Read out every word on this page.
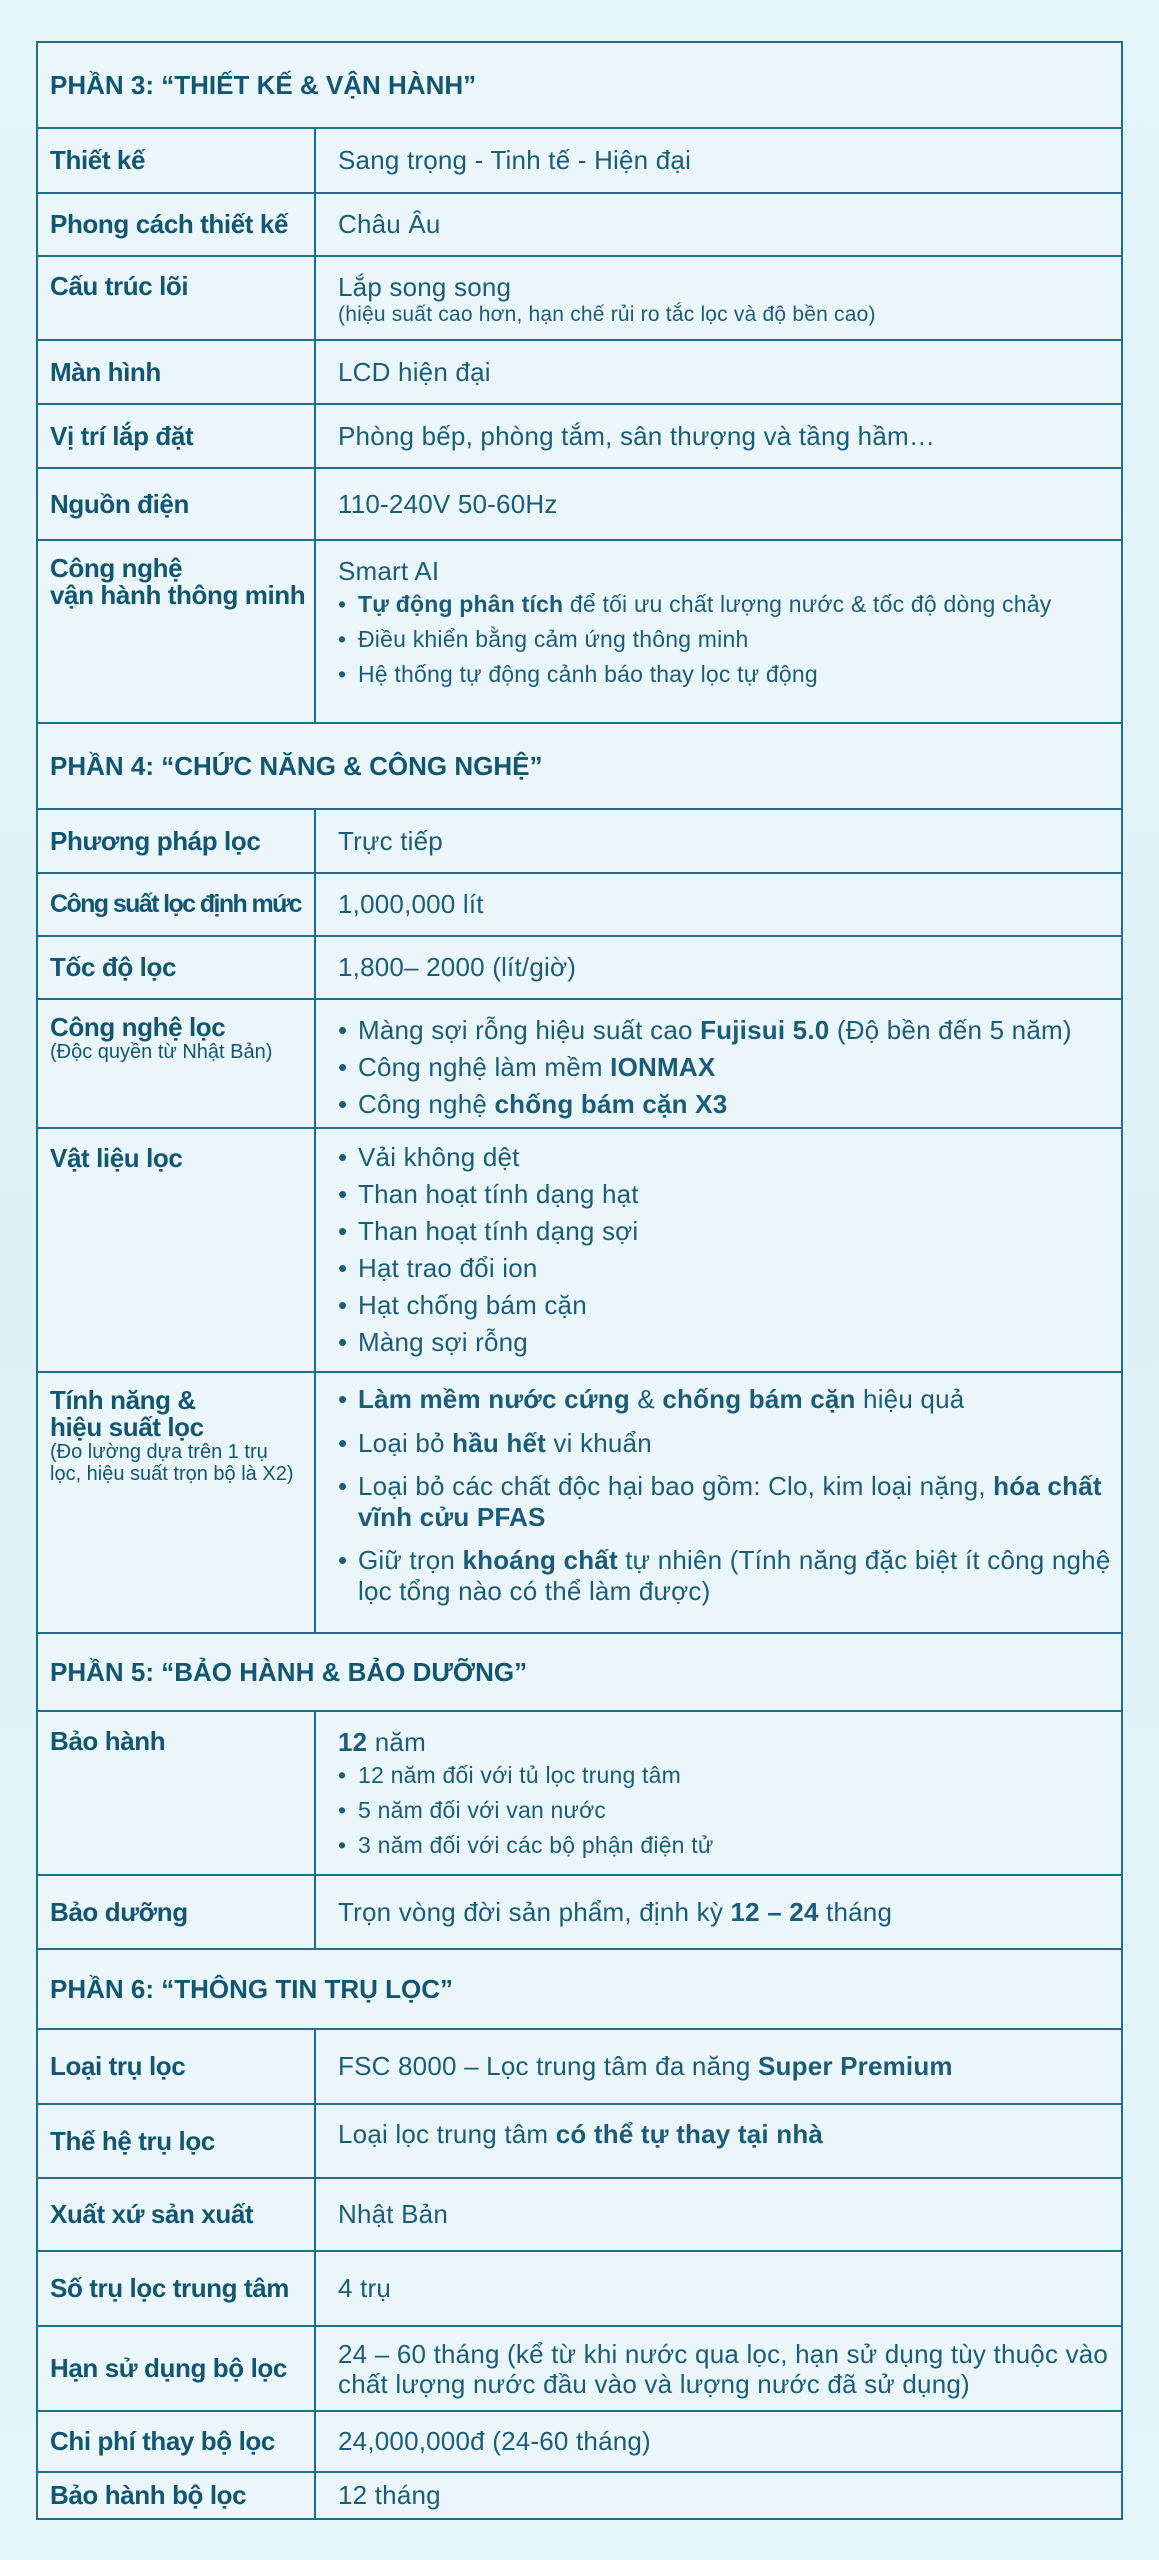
PHẦN 3: “THIẾT KẾ & VẬN HÀNH”
Thiết kế	Sang trọng - Tinh tế - Hiện đại
Phong cách thiết kế	Châu Âu
Cấu trúc lõi	Lắp song song
(hiệu suất cao hơn, hạn chế rủi ro tắc lọc và độ bền cao)
Màn hình	LCD hiện đại
Vị trí lắp đặt	Phòng bếp, phòng tắm, sân thượng và tầng hầm…
Nguồn điện	110-240V 50-60Hz
Công nghệ
vận hành thông minh
Smart AI
• Tự động phân tích để tối ưu chất lượng nước & tốc độ dòng chảy
• Điều khiển bằng cảm ứng thông minh
• Hệ thống tự động cảnh báo thay lọc tự động
PHẦN 4: “CHỨC NĂNG & CÔNG NGHỆ”
Phương pháp lọc	Trực tiếp
Công suất lọc định mức	1,000,000 lít
Tốc độ lọc	1,800– 2000 (lít/giờ)
Công nghệ lọc
(Độc quyền từ Nhật Bản)
• Màng sợi rỗng hiệu suất cao Fujisui 5.0 (Độ bền đến 5 năm)
• Công nghệ làm mềm IONMAX
• Công nghệ chống bám cặn X3
Vật liệu lọc
•	Vải không dệt
• Than hoạt tính dạng hạt
• Than hoạt tính dạng sợi
• Hạt trao đổi ion
• Hạt chống bám cặn
• Màng sợi rỗng
Tính năng &
hiệu suất lọc
(Đo lường dựa trên 1 trụ lọc, hiệu suất trọn bộ là X2)
• Làm mềm nước cứng & chống bám cặn hiệu quả
• Loại bỏ hầu hết vi khuẩn
• Loại bỏ các chất độc hại bao gồm: Clo, kim loại nặng, hóa chất vĩnh cửu PFAS
• Giữ trọn khoáng chất tự nhiên (Tính năng đặc biệt ít công nghệ lọc tổng nào có thể làm được)
PHẦN 5: “BẢO HÀNH & BẢO DƯỠNG”
Bảo hành	12 năm
• 12 năm đối với tủ lọc trung tâm
• 5 năm đối với van nước
• 3 năm đối với các bộ phận điện tử
Bảo dưỡng	Trọn vòng đời sản phẩm, định kỳ 12 – 24 tháng
PHẦN 6: “THÔNG TIN TRỤ LỌC”
Loại trụ lọc	FSC 8000 – Lọc trung tâm đa năng Super Premium
Thế hệ trụ lọc	Loại lọc trung tâm có thể tự thay tại nhà
Xuất xứ sản xuất	Nhật Bản
Số trụ lọc trung tâm	4 trụ
Hạn sử dụng bộ lọc	24 – 60 tháng (kể từ khi nước qua lọc, hạn sử dụng tùy thuộc vào chất lượng nước đầu vào và lượng nước đã sử dụng)
Chi phí thay bộ lọc	24,000,000đ (24-60 tháng)
Bảo hành bộ lọc	12 tháng
